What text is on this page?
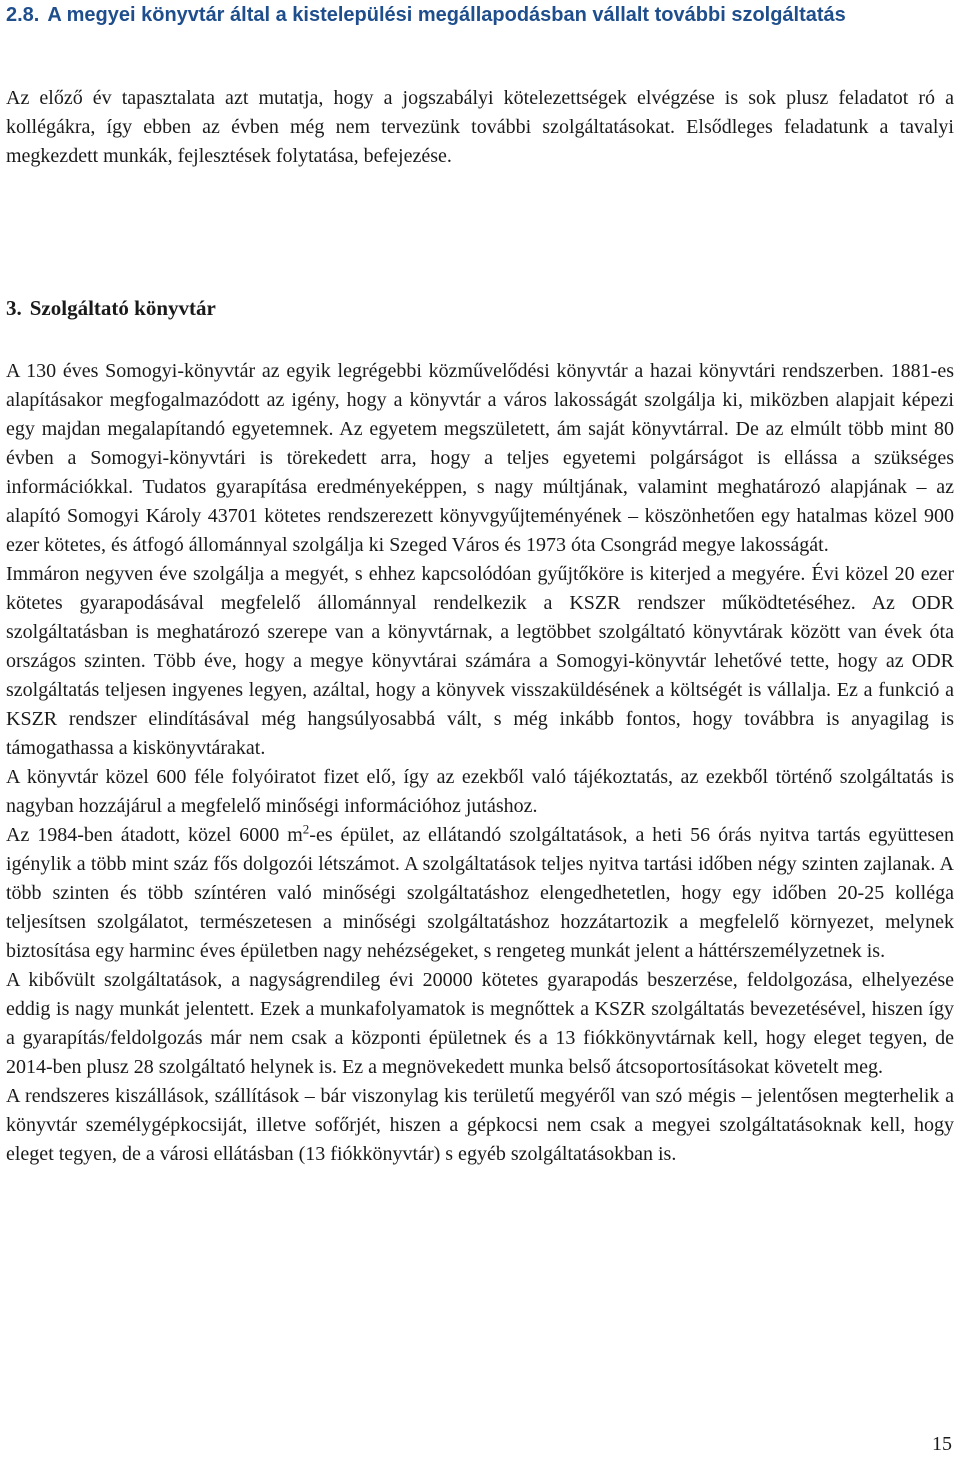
2.8. A megyei könyvtár által a kistelepülési megállapodásban vállalt további szolgáltatás

Az előző év tapasztalata azt mutatja, hogy a jogszabályi kötelezettségek elvégzése is sok plusz feladatot ró a kollégákra, így ebben az évben még nem tervezünk további szolgáltatásokat. Elsődleges feladatunk a tavalyi megkezdett munkák, fejlesztések folytatása, befejezése.

3. Szolgáltató könyvtár

A 130 éves Somogyi-könyvtár az egyik legrégebbi közművelődési könyvtár a hazai könyvtári rendszerben. 1881-es alapításakor megfogalmazódott az igény, hogy a könyvtár a város lakosságát szolgálja ki, miközben alapjait képezi egy majdan megalapítandó egyetemnek. Az egyetem megszületett, ám saját könyvtárral. De az elmúlt több mint 80 évben a Somogyi-könyvtári is törekedett arra, hogy a teljes egyetemi polgárságot is ellássa a szükséges információkkal. Tudatos gyarapítása eredményeképpen, s nagy múltjának, valamint meghatározó alapjának – az alapító Somogyi Károly 43701 kötetes rendszerezett könyvgyűjteményének – köszönhetően egy hatalmas közel 900 ezer kötetes, és átfogó állománnyal szolgálja ki Szeged Város és 1973 óta Csongrád megye lakosságát.

Immáron negyven éve szolgálja a megyét, s ehhez kapcsolódóan gyűjtőköre is kiterjed a megyére. Évi közel 20 ezer kötetes gyarapodásával megfelelő állománnyal rendelkezik a KSZR rendszer működtetéséhez. Az ODR szolgáltatásban is meghatározó szerepe van a könyvtárnak, a legtöbbet szolgáltató könyvtárak között van évek óta országos szinten. Több éve, hogy a megye könyvtárai számára a Somogyi-könyvtár lehetővé tette, hogy az ODR szolgáltatás teljesen ingyenes legyen, azáltal, hogy a könyvek visszaküldésének a költségét is vállalja. Ez a funkció a KSZR rendszer elindításával még hangsúlyosabbá vált, s még inkább fontos, hogy továbbra is anyagilag is támogathassa a kiskönyvtárakat.

A könyvtár közel 600 féle folyóiratot fizet elő, így az ezekből való tájékoztatás, az ezekből történő szolgáltatás is nagyban hozzájárul a megfelelő minőségi információhoz jutáshoz.

Az 1984-ben átadott, közel 6000 $m^2-es$ épület, az ellátandó szolgáltatások, a heti 56 órás nyitva tartás együttesen igénylik a több mint száz fős dolgozói létszámot. A szolgáltatások teljes nyitva tartási időben négy szinten zajlanak. A több szinten és több színtéren való minőségi szolgáltatáshoz elengedhetetlen, hogy egy időben 20-25 kolléga teljesítsen szolgálatot, természetesen a minőségi szolgáltatáshoz hozzátartozik a megfelelő környezet, melynek biztosítása egy harminc éves épületben nagy nehézségeket, s rengeteg munkát jelent a háttérszemélyzetnek is.

A kibővült szolgáltatások, a nagyságrendileg évi 20000 kötetes gyarapodás beszerzése, feldolgozása, elhelyezése eddig is nagy munkát jelentett. Ezek a munkafolyamatok is megnőttek a KSZR szolgáltatás bevezetésével, hiszen így a gyarapítás/feldolgozás már nem csak a központi épületnek és a 13 fiókkönyvtárnak kell, hogy eleget tegyen, de 2014-ben plusz 28 szolgáltató helynek is. Ez a megnövekedett munka belső átcsoportosításokat követelt meg.

A rendszeres kiszállások, szállítások – bár viszonylag kis területű megyéről van szó mégis – jelentősen megterhelik a könyvtár személygépkocsiját, illetve sofőrjét, hiszen a gépkocsi nem csak a megyei szolgáltatásoknak kell, hogy eleget tegyen, de a városi ellátásban (13 fiókkönyvtár) s egyéb szolgáltatásokban is.

15
